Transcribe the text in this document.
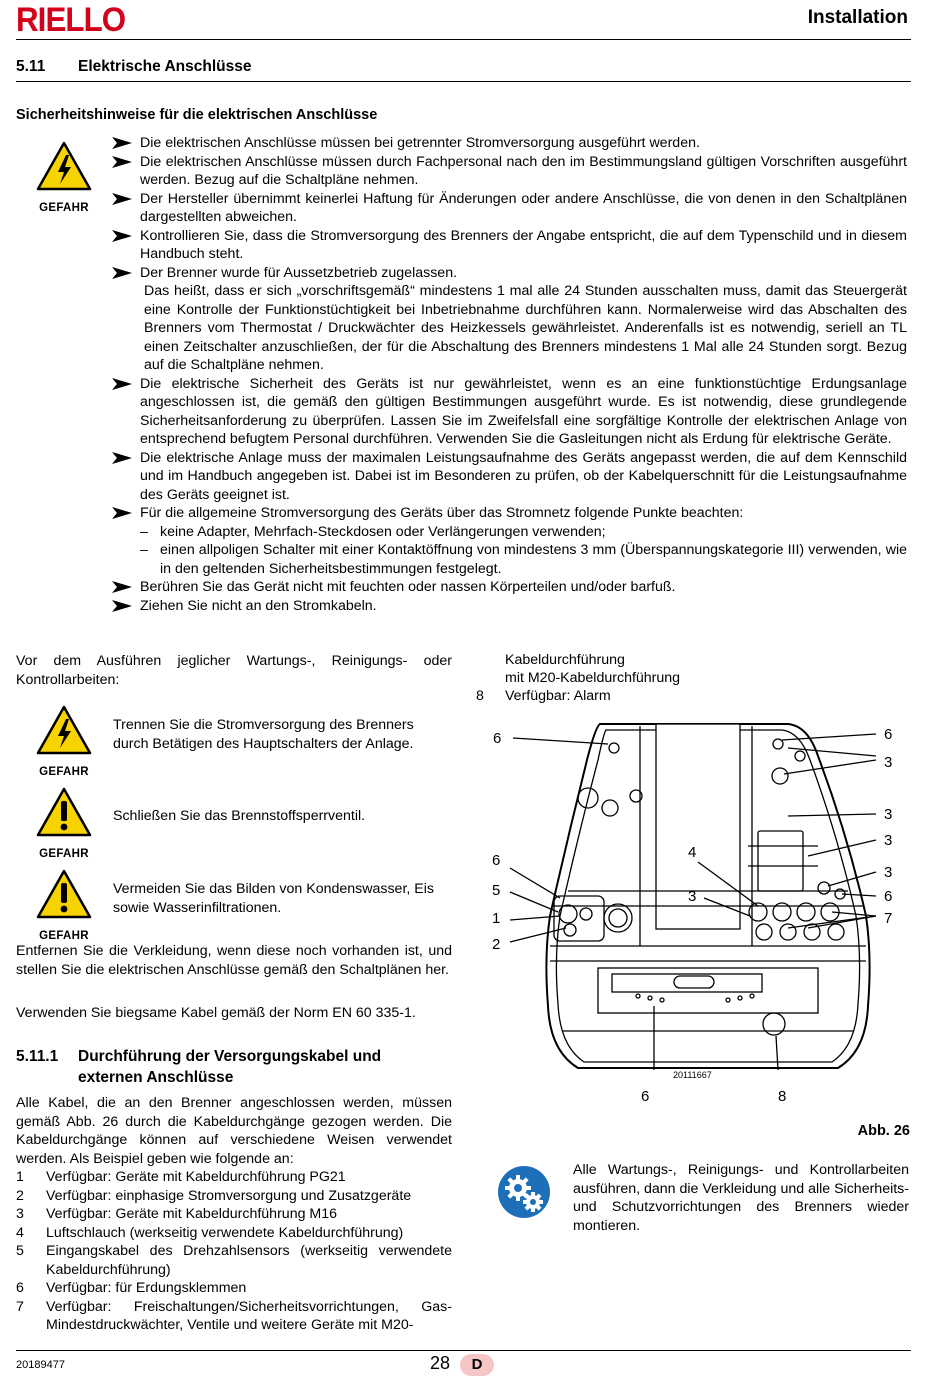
RIELLO	Installation
5.11 Elektrische Anschlüsse
Sicherheitshinweise für die elektrischen Anschlüsse
GEFAHR
Die elektrischen Anschlüsse müssen bei getrennter Stromversorgung ausgeführt werden.
Die elektrischen Anschlüsse müssen durch Fachpersonal nach den im Bestimmungsland gültigen Vorschriften ausgeführt werden. Bezug auf die Schaltpläne nehmen.
Der Hersteller übernimmt keinerlei Haftung für Änderungen oder andere Anschlüsse, die von denen in den Schaltplänen dargestellten abweichen.
Kontrollieren Sie, dass die Stromversorgung des Brenners der Angabe entspricht, die auf dem Typenschild und in diesem Handbuch steht.
Der Brenner wurde für Aussetzbetrieb zugelassen.
Das heißt, dass er sich „vorschriftsgemäß“ mindestens 1 mal alle 24 Stunden ausschalten muss, damit das Steuergerät eine Kontrolle der Funktionstüchtigkeit bei Inbetriebnahme durchführen kann. Normalerweise wird das Abschalten des Brenners vom Thermostat / Druckwächter des Heizkessels gewährleistet. Anderenfalls ist es notwendig, seriell an TL einen Zeitschalter anzuschließen, der für die Abschaltung des Brenners mindestens 1 Mal alle 24 Stunden sorgt. Bezug auf die Schaltpläne nehmen.
Die elektrische Sicherheit des Geräts ist nur gewährleistet, wenn es an eine funktionstüchtige Erdungsanlage angeschlossen ist, die gemäß den gültigen Bestimmungen ausgeführt wurde. Es ist notwendig, diese grundlegende Sicherheitsanforderung zu überprüfen. Lassen Sie im Zweifelsfall eine sorgfältige Kontrolle der elektrischen Anlage von entsprechend befugtem Personal durchführen. Verwenden Sie die Gasleitungen nicht als Erdung für elektrische Geräte.
Die elektrische Anlage muss der maximalen Leistungsaufnahme des Geräts angepasst werden, die auf dem Kennschild und im Handbuch angegeben ist. Dabei ist im Besonderen zu prüfen, ob der Kabelquerschnitt für die Leistungsaufnahme des Geräts geeignet ist.
Für die allgemeine Stromversorgung des Geräts über das Stromnetz folgende Punkte beachten:
– keine Adapter, Mehrfach-Steckdosen oder Verlängerungen verwenden;
– einen allpoligen Schalter mit einer Kontaktöffnung von mindestens 3 mm (Überspannungskategorie III) verwenden, wie in den geltenden Sicherheitsbestimmungen festgelegt.
Berühren Sie das Gerät nicht mit feuchten oder nassen Körperteilen und/oder barfuß.
Ziehen Sie nicht an den Stromkabeln.
Vor dem Ausführen jeglicher Wartungs-, Reinigungs- oder Kontrollarbeiten:
GEFAHR
Trennen Sie die Stromversorgung des Brenners durch Betätigen des Hauptschalters der Anlage.
GEFAHR
Schließen Sie das Brennstoffsperrventil.
GEFAHR
Vermeiden Sie das Bilden von Kondenswasser, Eis sowie Wasserinfiltrationen.
Entfernen Sie die Verkleidung, wenn diese noch vorhanden ist, und stellen Sie die elektrischen Anschlüsse gemäß den Schaltplänen her.
Verwenden Sie biegsame Kabel gemäß der Norm EN 60 335-1.
5.11.1 Durchführung der Versorgungskabel und externen Anschlüsse
Alle Kabel, die an den Brenner angeschlossen werden, müssen gemäß Abb. 26 durch die Kabeldurchgänge gezogen werden. Die Kabeldurchgänge können auf verschiedene Weisen verwendet werden. Als Beispiel geben wie folgende an:
1 Verfügbar: Geräte mit Kabeldurchführung PG21
2 Verfügbar: einphasige Stromversorgung und Zusatzgeräte
3 Verfügbar: Geräte mit Kabeldurchführung M16
4 Luftschlauch (werkseitig verwendete Kabeldurchführung)
5 Eingangskabel des Drehzahlsensors (werkseitig verwendete Kabeldurchführung)
6 Verfügbar: für Erdungsklemmen
7 Verfügbar: Freischaltungen/Sicherheitsvorrichtungen, Gas-Mindestdruckwächter, Ventile und weitere Geräte mit M20-
Kabeldurchführung
mit M20-Kabeldurchführung
8 Verfügbar: Alarm
6	6
3
3
3
3
6
7
6
5
1
2
4
3
6	8
20111667
Abb. 26
Alle Wartungs-, Reinigungs- und Kontrollarbeiten ausführen, dann die Verkleidung und alle Sicherheits- und Schutzvorrichtungen des Brenners wieder montieren.
20189477	28	D
